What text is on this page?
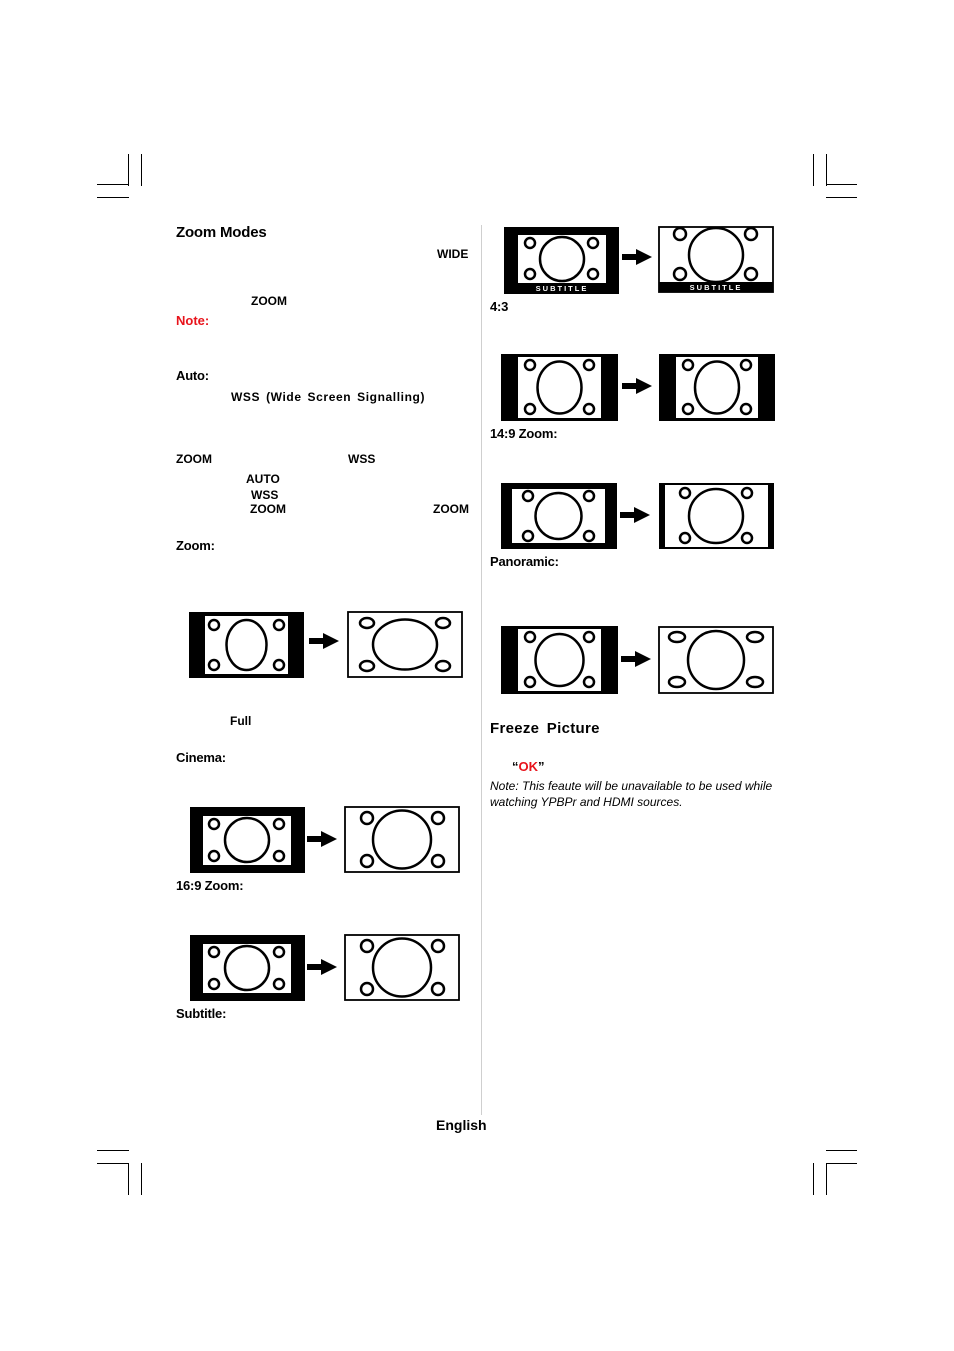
Zoom Modes
WIDE
ZOOM
Note:
Auto:
WSS (Wide Screen Signalling)
ZOOM	WSS
AUTO
WSS
ZOOM	ZOOM
Zoom:
Full
Cinema:
16:9 Zoom:
Subtitle:
4:3
14:9 Zoom:
Panoramic:
Freeze Picture
“OK”
Note: This feaute will be unavailable to be used while
watching YPBPr and HDMI sources.
English
SUBTITLE	SUBTITLE
